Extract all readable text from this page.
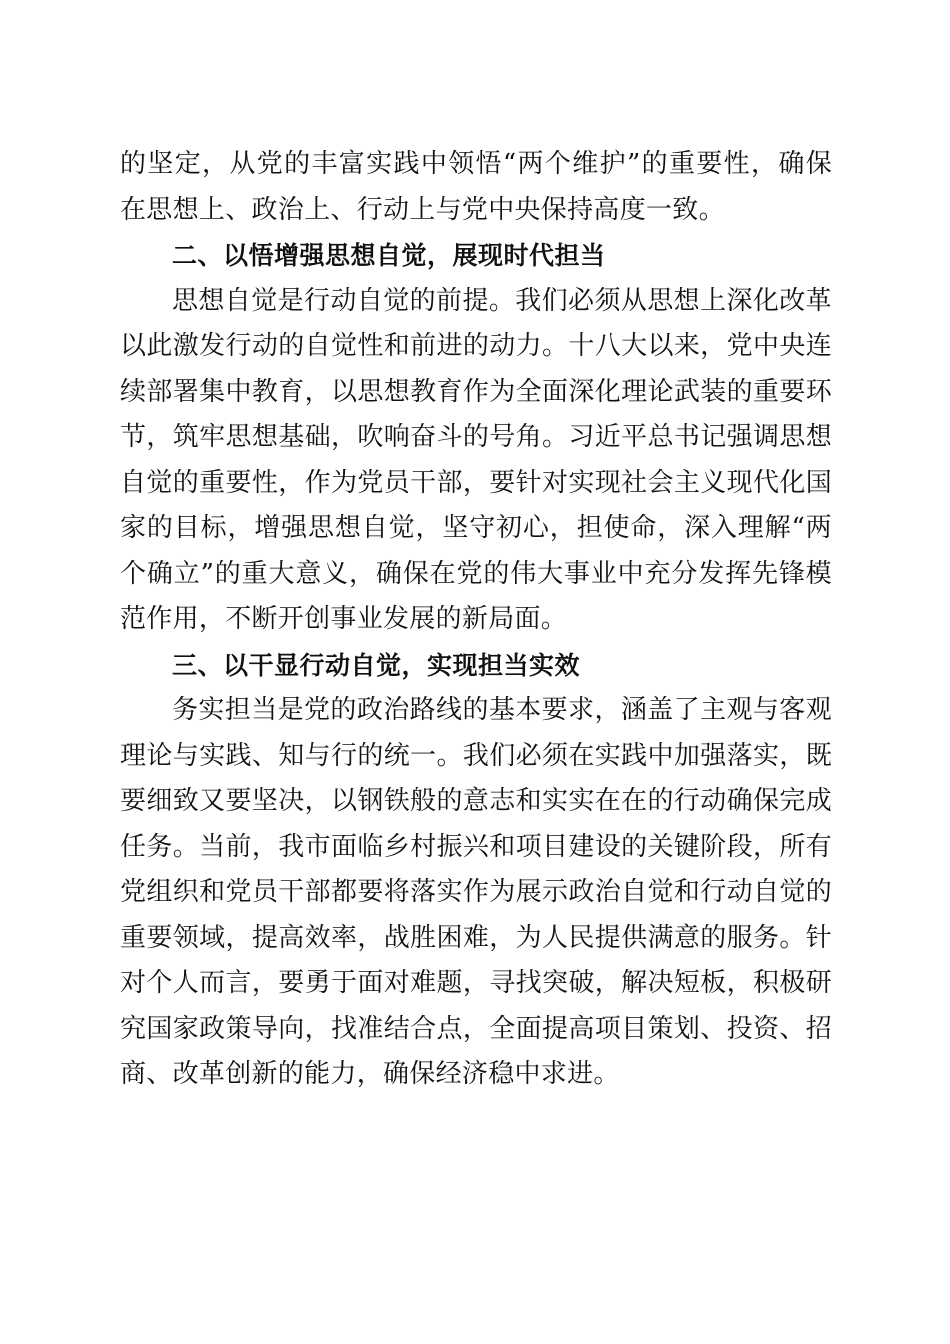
的坚定，从党的丰富实践中领悟“两个维护”的重要性，确保
在思想上、政治上、行动上与党中央保持高度一致。
二、以悟增强思想自觉，展现时代担当
思想自觉是行动自觉的前提。我们必须从思想上深化改革
以此激发行动的自觉性和前进的动力。十八大以来，党中央连
续部署集中教育，以思想教育作为全面深化理论武装的重要环
节，筑牢思想基础，吹响奋斗的号角。习近平总书记强调思想
自觉的重要性，作为党员干部，要针对实现社会主义现代化国
家的目标，增强思想自觉，坚守初心，担使命，深入理解“两
个确立”的重大意义，确保在党的伟大事业中充分发挥先锋模
范作用，不断开创事业发展的新局面。
三、以干显行动自觉，实现担当实效
务实担当是党的政治路线的基本要求，涵盖了主观与客观
理论与实践、知与行的统一。我们必须在实践中加强落实，既
要细致又要坚决，以钢铁般的意志和实实在在的行动确保完成
任务。当前，我市面临乡村振兴和项目建设的关键阶段，所有
党组织和党员干部都要将落实作为展示政治自觉和行动自觉的
重要领域，提高效率，战胜困难，为人民提供满意的服务。针
对个人而言，要勇于面对难题，寻找突破，解决短板，积极研
究国家政策导向，找准结合点，全面提高项目策划、投资、招
商、改革创新的能力，确保经济稳中求进。
